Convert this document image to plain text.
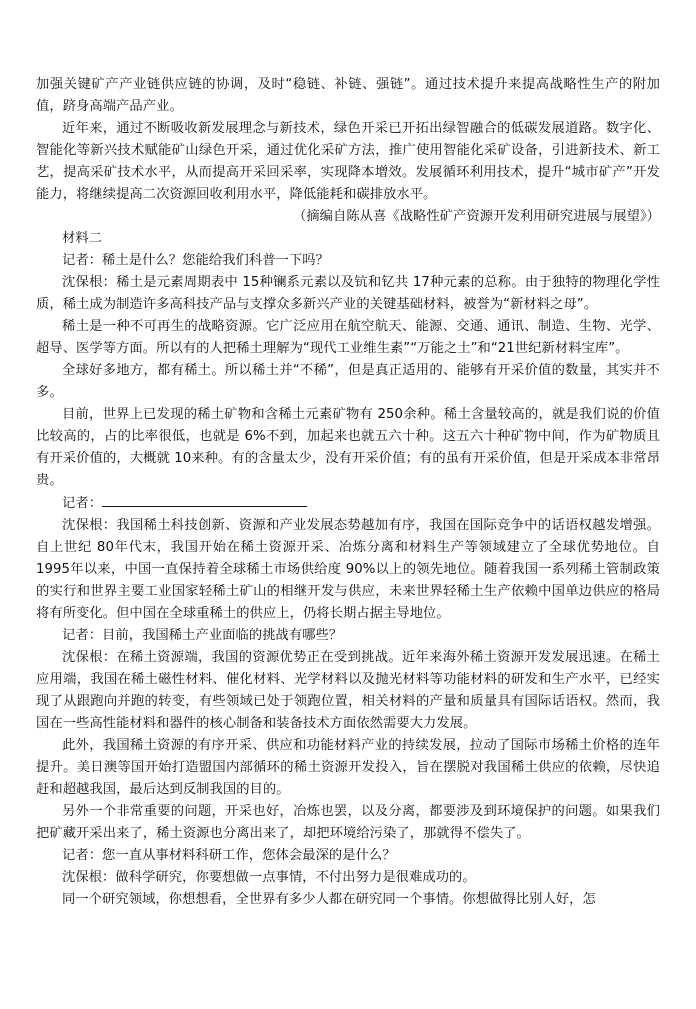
加强关键矿产产业链供应链的协调，及时“稳链、补链、强链”。通过技术提升来提高战略性生产的附加值，跻身高端产品产业。

近年来，通过不断吸收新发展理念与新技术，绿色开采已开拓出绿智融合的低碳发展道路。数字化、智能化等新兴技术赋能矿山绿色开采，通过优化采矿方法，推广使用智能化采矿设备，引进新技术、新工艺，提高采矿技术水平，从而提高开采回采率，实现降本增效。发展循环利用技术，提升“城市矿产”开发能力，将继续提高二次资源回收利用水平，降低能耗和碳排放水平。

（摘编自陈从喜《战略性矿产资源开发利用研究进展与展望》）

材料二

记者：稀土是什么？您能给我们科普一下吗？

沈保根：稀土是元素周期表中 15种镧系元素以及钪和钇共 17种元素的总称。由于独特的物理化学性质，稀土成为制造许多高科技产品与支撑众多新兴产业的关键基础材料，被誉为“新材料之母”。

稀土是一种不可再生的战略资源。它广泛应用在航空航天、能源、交通、通讯、制造、生物、光学、超导、医学等方面。所以有的人把稀土理解为“现代工业维生素”“万能之土”和“21世纪新材料宝库”。

全球好多地方，都有稀土。所以稀土并“不稀”，但是真正适用的、能够有开采价值的数量，其实并不多。

目前，世界上已发现的稀土矿物和含稀土元素矿物有 250余种。稀土含量较高的，就是我们说的价值比较高的，占的比率很低，也就是 6%不到，加起来也就五六十种。这五六十种矿物中间，作为矿物质且有开采价值的，大概就 10来种。有的含量太少，没有开采价值；有的虽有开采价值，但是开采成本非常昂贵。

记者：

沈保根：我国稀土科技创新、资源和产业发展态势越加有序，我国在国际竞争中的话语权越发增强。自上世纪 80年代末，我国开始在稀土资源开采、冶炼分离和材料生产等领域建立了全球优势地位。自 1995年以来，中国一直保持着全球稀土市场供给度 90%以上的领先地位。随着我国一系列稀土管制政策的实行和世界主要工业国家轻稀土矿山的相继开发与供应，未来世界轻稀土生产依赖中国单边供应的格局将有所变化。但中国在全球重稀土的供应上，仍将长期占据主导地位。

记者：目前，我国稀土产业面临的挑战有哪些？

沈保根：在稀土资源端，我国的资源优势正在受到挑战。近年来海外稀土资源开发发展迅速。在稀土应用端，我国在稀土磁性材料、催化材料、光学材料以及抛光材料等功能材料的研发和生产水平，已经实现了从跟跑向并跑的转变，有些领域已处于领跑位置，相关材料的产量和质量具有国际话语权。然而，我国在一些高性能材料和器件的核心制备和装备技术方面依然需要大力发展。

此外，我国稀土资源的有序开采、供应和功能材料产业的持续发展，拉动了国际市场稀土价格的连年提升。美日澳等国开始打造盟国内部循环的稀土资源开发投入，旨在摆脱对我国稀土供应的依赖，尽快追赶和超越我国，最后达到反制我国的目的。

另外一个非常重要的问题，开采也好，冶炼也罢，以及分离，都要涉及到环境保护的问题。如果我们把矿藏开采出来了，稀土资源也分离出来了，却把环境给污染了，那就得不偿失了。

记者：您一直从事材料科研工作，您体会最深的是什么？

沈保根：做科学研究，你要想做一点事情，不付出努力是很难成功的。

同一个研究领域，你想想看，全世界有多少人都在研究同一个事情。你想做得比别人好，怎
